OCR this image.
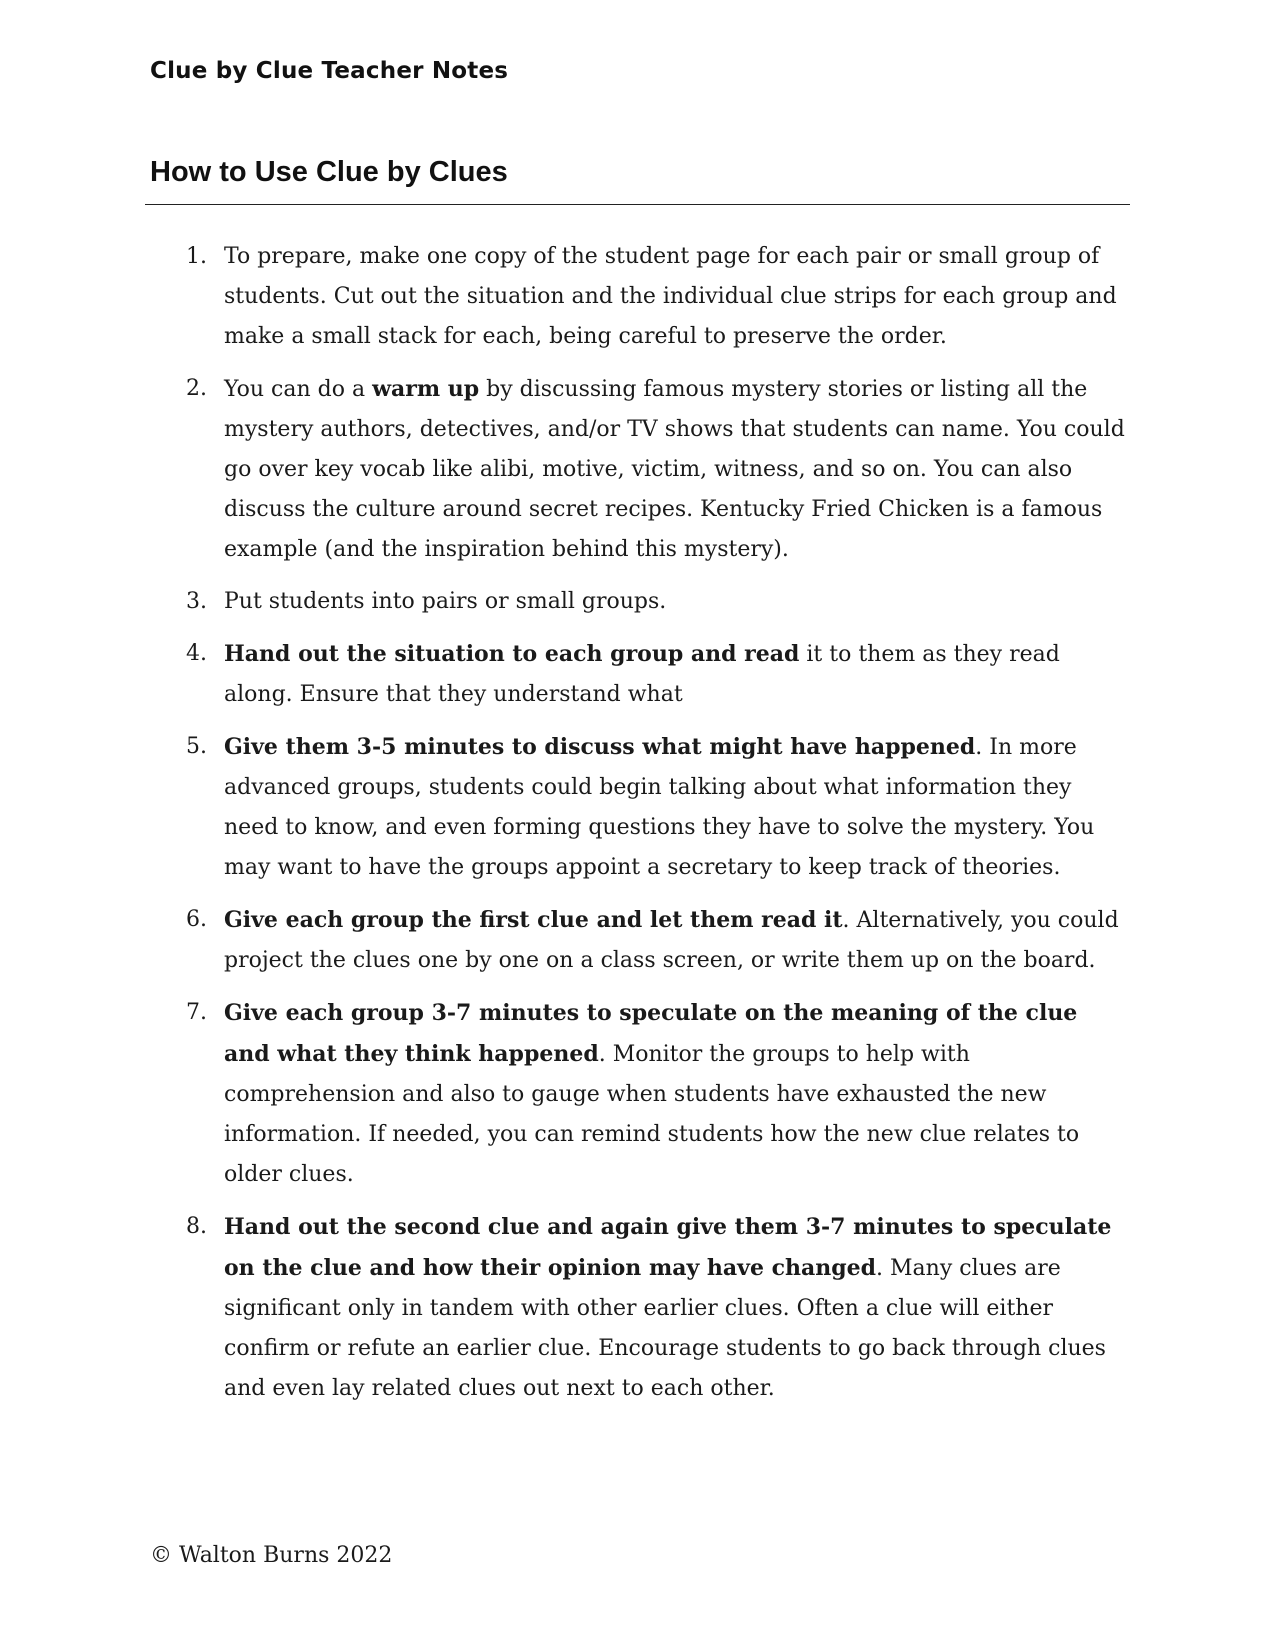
Clue by Clue Teacher Notes
How to Use Clue by Clues
1. To prepare, make one copy of the student page for each pair or small group of students. Cut out the situation and the individual clue strips for each group and make a small stack for each, being careful to preserve the order.
2. You can do a warm up by discussing famous mystery stories or listing all the mystery authors, detectives, and/or TV shows that students can name. You could go over key vocab like alibi, motive, victim, witness, and so on. You can also discuss the culture around secret recipes. Kentucky Fried Chicken is a famous example (and the inspiration behind this mystery).
3. Put students into pairs or small groups.
4. Hand out the situation to each group and read it to them as they read along. Ensure that they understand what
5. Give them 3-5 minutes to discuss what might have happened. In more advanced groups, students could begin talking about what information they need to know, and even forming questions they have to solve the mystery. You may want to have the groups appoint a secretary to keep track of theories.
6. Give each group the first clue and let them read it. Alternatively, you could project the clues one by one on a class screen, or write them up on the board.
7. Give each group 3-7 minutes to speculate on the meaning of the clue and what they think happened. Monitor the groups to help with comprehension and also to gauge when students have exhausted the new information. If needed, you can remind students how the new clue relates to older clues.
8. Hand out the second clue and again give them 3-7 minutes to speculate on the clue and how their opinion may have changed. Many clues are significant only in tandem with other earlier clues. Often a clue will either confirm or refute an earlier clue. Encourage students to go back through clues and even lay related clues out next to each other.
© Walton Burns 2022
